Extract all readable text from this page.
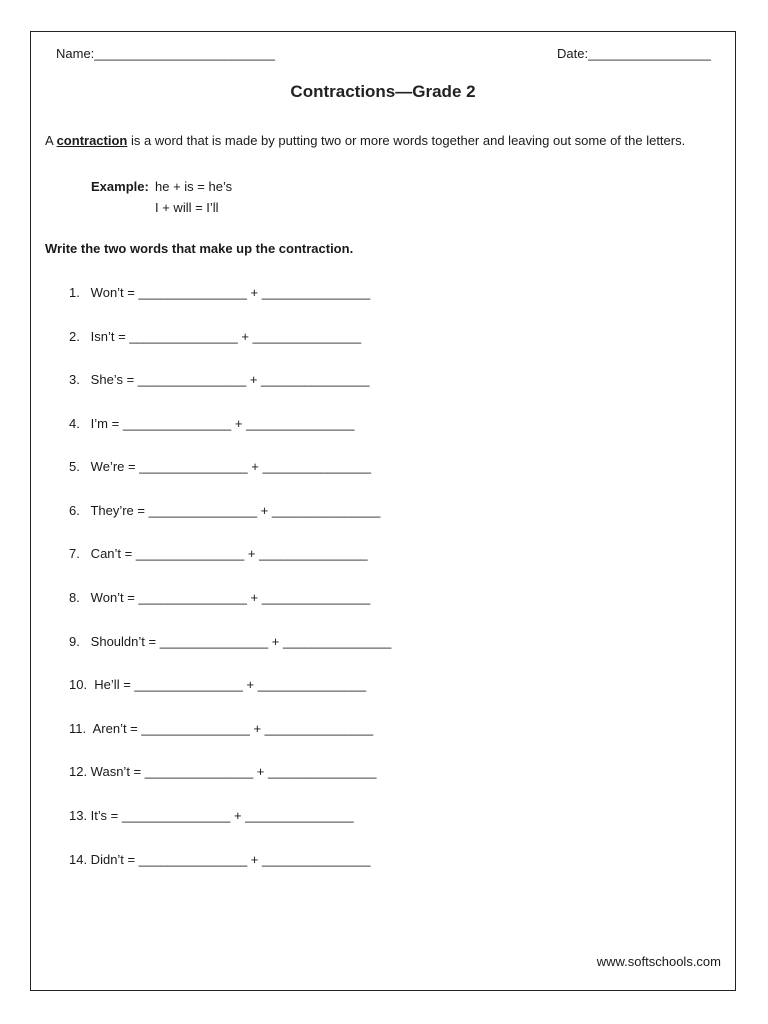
Name:_________________________	Date:_________________
Contractions—Grade 2
A contraction is a word that is made by putting two or more words together and leaving out some of the letters.
Example: he + is = he’s
I + will = I’ll
Write the two words that make up the contraction.
1.   Won’t = _______________ + _______________
2.   Isn’t = _______________ + _______________
3.   She’s = _______________ + _______________
4.   I’m = _______________ + _______________
5.   We’re = _______________ + _______________
6.   They’re = _______________ + _______________
7.   Can’t = _______________ + _______________
8.   Won’t = _______________ + _______________
9.   Shouldn’t = _______________ + _______________
10.  He’ll = _______________ + _______________
11.  Aren’t = _______________ + _______________
12. Wasn’t = _______________ + _______________
13. It’s = _______________ + _______________
14. Didn’t = _______________ + _______________
www.softschools.com
